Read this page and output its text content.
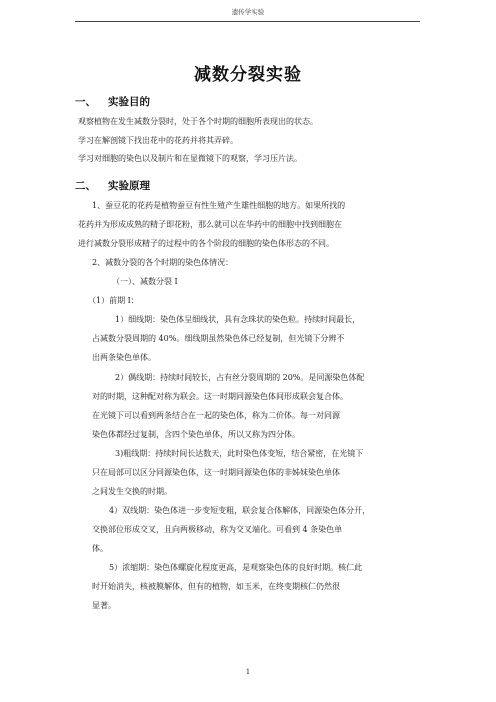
遗传学实验
减数分裂实验
一、 实验目的
观察植物在发生减数分裂时，处于各个时期的细胞所表现出的状态。
学习在解剖镜下找出花中的花药并将其弄碎。
学习对细胞的染色以及制片和在显微镜下的观察，学习压片法。
二、 实验原理
1、蚕豆花的花药是植物蚕豆有性生殖产生雄性细胞的地方。如果所找的
花药并为形成成熟的精子即花粉，那么就可以在华药中的细胞中找到细胞在
进行减数分裂形成精子的过程中的各个阶段的细胞的染色体形态的不同。
2、减数分裂的各个时期的染色体情况：
（一）、减数分裂 I
（1）前期 I：
1）细线期：染色体呈细线状，具有念珠状的染色粒。持续时间最长，
占减数分裂周期的 40%。细线期虽然染色体已经复制，但光镜下分辨不
出两条染色单体。
2）偶线期：持续时间较长，占有丝分裂周期的 20%。是同源染色体配
对的时期，这种配对称为联会。这一时期同源染色体间形成联会复合体。
在光镜下可以看到两条结合在一起的染色体，称为二价体。每一对同源
染色体都经过复制，含四个染色单体，所以又称为四分体。
3)粗线期：持续时间长达数天，此时染色体变短，结合紧密，在光镜下
只在局部可以区分同源染色体，这一时期同源染色体的非姊妹染色单体
之间发生交换的时期。
4）双线期：染色体进一步变短变粗，联会复合体解体，同源染色体分开，
交换部位形成交叉，且向两极移动，称为交叉端化。可看到 4 条染色单
体。
5）浓缩期：染色体螺旋化程度更高，是观察染色体的良好时期。核仁此
时开始消失，核被膜解体，但有的植物，如玉米，在终变期核仁仍然很
显著。
1
